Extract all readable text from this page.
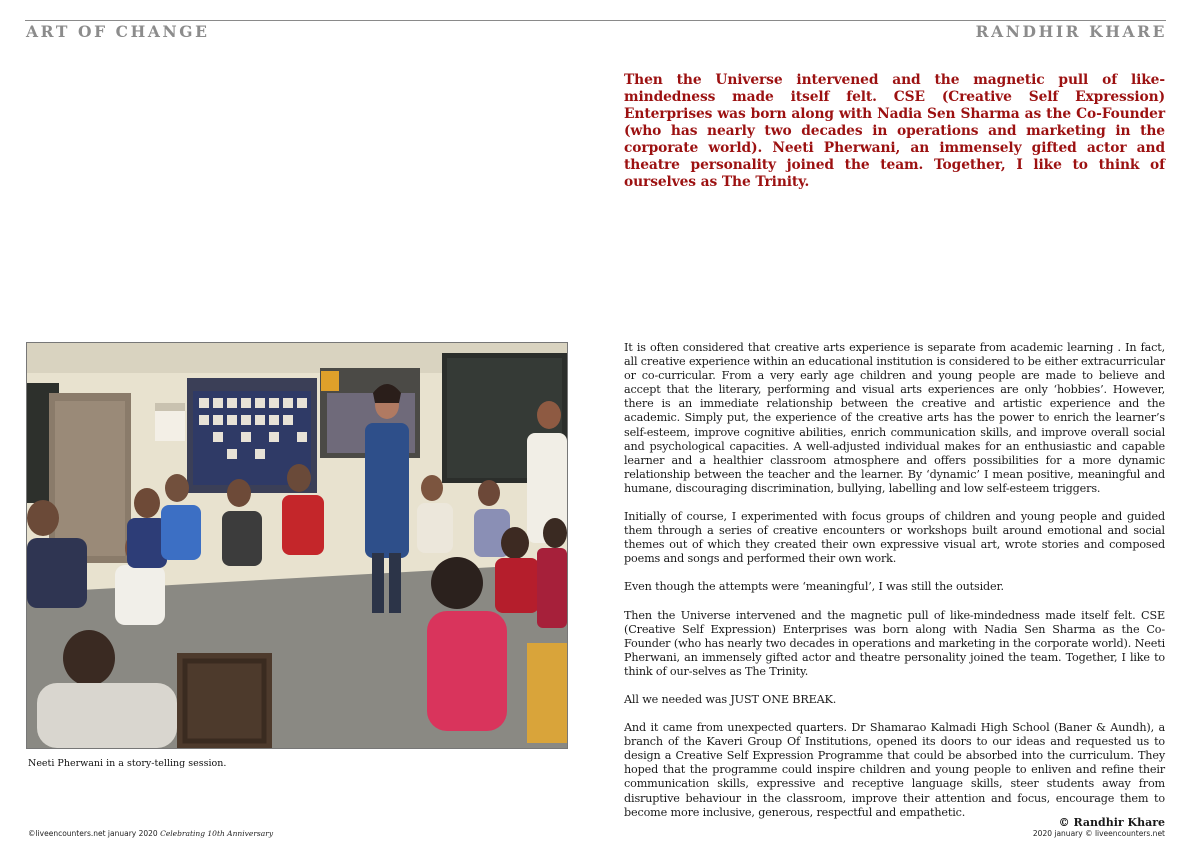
ART OF CHANGE	RANDHIR KHARE
Then the Universe intervened and the magnetic pull of like-mindedness made itself felt. CSE (Creative Self Expression) Enterprises was born along with Nadia Sen Sharma as the Co-Founder (who has nearly two decades in operations and marketing in the corporate world). Neeti Pherwani, an immensely gifted actor and theatre personality joined the team. Together, I like to think of ourselves as The Trinity.
Neeti Pherwani in a story-telling session.

It is often considered that creative arts experience is separate from academic learning . In fact, all creative experience within an educational institution is considered to be either extracurricular or co-curricular. From a very early age children and young people are made to believe and accept that the literary, performing and visual arts experiences are only ‘hobbies’. However, there is an immediate relationship between the creative and artistic experience and the academic. Simply put, the experience of the creative arts has the power to enrich the learner’s self-esteem, improve cognitive abilities, enrich communication skills, and improve overall social and psychological capacities. A well-adjusted individual makes for an enthusiastic and capable learner and a healthier classroom atmosphere and offers possibilities for a more dynamic relationship between the teacher and the learner. By ‘dynamic’ I mean positive, meaningful and humane, discouraging discrimination, bullying, labelling and low self-esteem triggers.

Initially of course, I experimented with focus groups of children and young people and guided them through a series of creative encounters or workshops built around emotional and social themes out of which they created their own expressive visual art, wrote stories and composed poems and songs and performed their own work.

Even though the attempts were ‘meaningful’, I was still the outsider.

Then the Universe intervened and the magnetic pull of like-mindedness made itself felt. CSE (Creative Self Expression) Enterprises was born along with Nadia Sen Sharma as the Co-Founder (who has nearly two decades in operations and marketing in the corporate world). Neeti Pherwani, an immensely gifted actor and theatre personality joined the team. Together, I like to think of our-selves as The Trinity.

All we needed was JUST ONE BREAK.

And it came from unexpected quarters. Dr Shamarao Kalmadi High School (Baner & Aundh), a branch of the Kaveri Group Of Institutions, opened its doors to our ideas and requested us to design a Creative Self Expression Programme that could be absorbed into the curriculum. They hoped that the programme could inspire children and young people to enliven and refine their communication skills, expressive and receptive language skills, steer students away from disruptive behaviour in the classroom, improve their attention and focus, encourage them to become more inclusive, generous, respectful and empathetic.

© Randhir Khare
©liveencounters.net january 2020 Celebrating 10th Anniversary	2020 january © liveencounters.net
